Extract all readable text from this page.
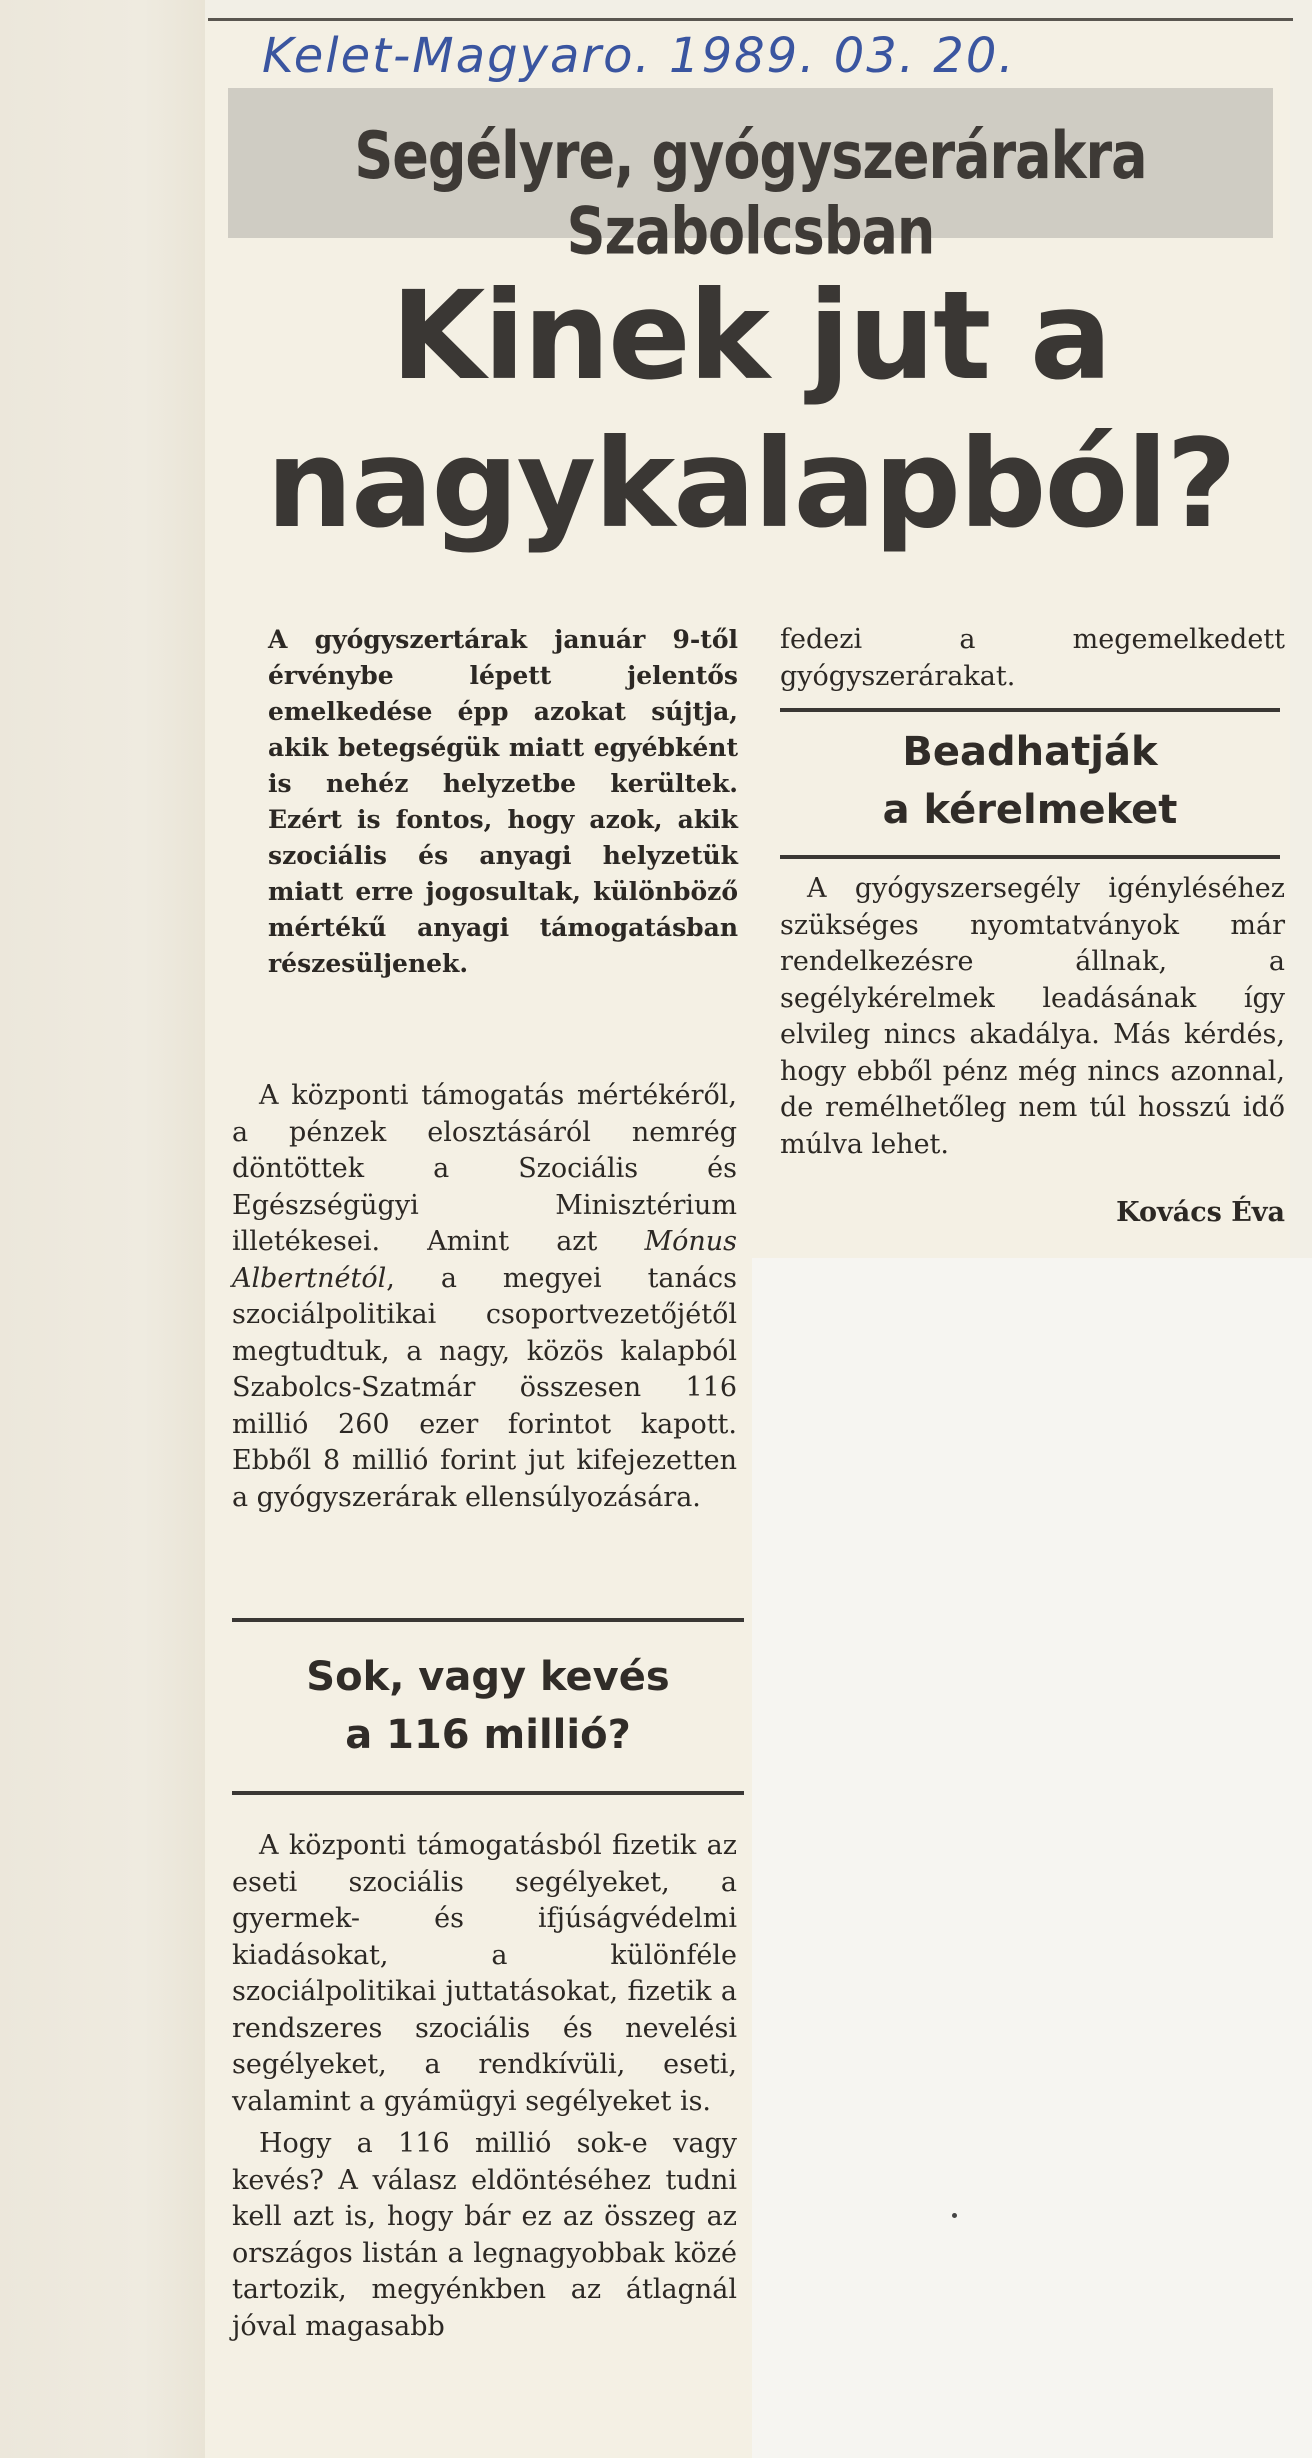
Kelet-Magyaro. 1989. 03. 20.
Segélyre, gyógyszerárakra Szabolcsban
Kinek jut a
nagykalapból?
A gyógyszertárak január 9-től érvénybe lépett jelentős emelkedése épp azokat sújtja, akik betegségük miatt egyébként is nehéz helyzetbe kerültek. Ezért is fontos, hogy azok, akik szociális és anyagi helyzetük miatt erre jogosultak, különböző mértékű anyagi támogatásban részesüljenek.

 A központi támogatás mértékéről, a pénzek elosztásáról nemrég döntöttek a Szociális és Egészségügyi Minisztérium illetékesei. Amint azt Mónus Albertnétól, a megyei tanács szociálpolitikai csoportvezetőjétől megtudtuk, a nagy, közös kalapból Szabolcs-Szatmár összesen 116 millió 260 ezer forintot kapott. Ebből 8 millió forint jut kifejezetten a gyógyszerárak ellensúlyozására.

Sok, vagy kevés
a 116 millió?

 A központi támogatásból fizetik az eseti szociális segélyeket, a gyermek- és ifjúságvédelmi kiadásokat, a különféle szociálpolitikai juttatásokat, fizetik a rendszeres szociális és nevelési segélyeket, a rendkívüli, eseti, valamint a gyámügyi segélyeket is.

 Hogy a 116 millió sok-e vagy kevés? A válasz eldöntéséhez tudni kell azt is, hogy bár ez az összeg az országos listán a legnagyobbak közé tartozik, megyénkben az átlagnál jóval magasabb

fedezi a megemelkedett gyógyszerárakat.

Beadhatják
a kérelmeket

 A gyógyszersegély igényléséhez szükséges nyomtatványok már rendelkezésre állnak, a segélykérelmek leadásának így elvileg nincs akadálya. Más kérdés, hogy ebből pénz még nincs azonnal, de remélhetőleg nem túl hosszú idő múlva lehet.

Kovács Éva
